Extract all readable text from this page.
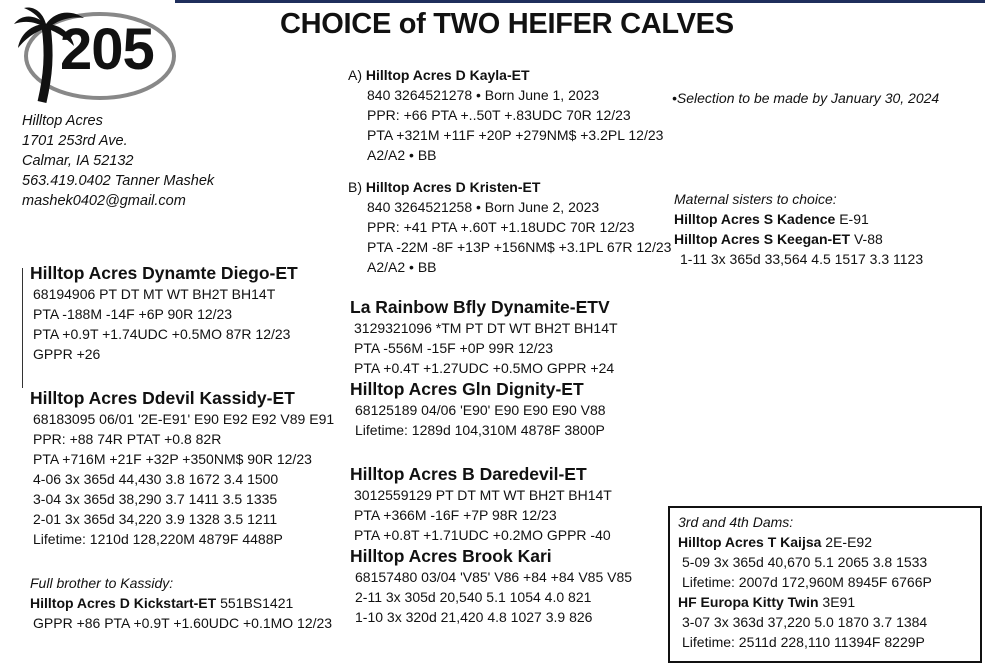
205	CHOICE of TWO HEIFER CALVES
Hilltop Acres
1701 253rd Ave.
Calmar, IA 52132
563.419.0402 Tanner Mashek
mashek0402@gmail.com
A) Hilltop Acres D Kayla-ET
840 3264521278 • Born June 1, 2023
PPR: +66 PTA +..50T +.83UDC 70R 12/23
PTA +321M +11F +20P +279NM$ +3.2PL 12/23
A2/A2 • BB
B) Hilltop Acres D Kristen-ET
840 3264521258 • Born June 2, 2023
PPR: +41 PTA +.60T +1.18UDC 70R 12/23
PTA -22M -8F +13P +156NM$ +3.1PL 67R 12/23
A2/A2 • BB
•Selection to be made by January 30, 2024
Maternal sisters to choice:
Hilltop Acres S Kadence E-91
Hilltop Acres S Keegan-ET V-88
1-11 3x 365d 33,564 4.5 1517 3.3 1123
Hilltop Acres Dynamte Diego-ET
68194906 PT DT MT WT BH2T BH14T
PTA -188M -14F +6P 90R 12/23
PTA +0.9T +1.74UDC +0.5MO 87R 12/23
GPPR +26
Hilltop Acres Ddevil Kassidy-ET
68183095 06/01 '2E-E91' E90 E92 E92 V89 E91
PPR: +88 74R PTAT +0.8 82R
PTA +716M +21F +32P +350NM$ 90R 12/23
4-06 3x 365d 44,430 3.8 1672 3.4 1500
3-04 3x 365d 38,290 3.7 1411 3.5 1335
2-01 3x 365d 34,220 3.9 1328 3.5 1211
Lifetime: 1210d 128,220M 4879F 4488P
Full brother to Kassidy:
Hilltop Acres D Kickstart-ET 551BS1421
GPPR +86 PTA +0.9T +1.60UDC +0.1MO 12/23
La Rainbow Bfly Dynamite-ETV
3129321096 *TM PT DT WT BH2T BH14T
PTA -556M -15F +0P 99R 12/23
PTA +0.4T +1.27UDC +0.5MO GPPR +24
Hilltop Acres Gln Dignity-ET
68125189 04/06 'E90' E90 E90 E90 V88
Lifetime: 1289d 104,310M 4878F 3800P
Hilltop Acres B Daredevil-ET
3012559129 PT DT MT WT BH2T BH14T
PTA +366M -16F +7P 98R 12/23
PTA +0.8T +1.71UDC +0.2MO GPPR -40
Hilltop Acres Brook Kari
68157480 03/04 'V85' V86 +84 +84 V85 V85
2-11 3x 305d 20,540 5.1 1054 4.0 821
1-10 3x 320d 21,420 4.8 1027 3.9 826
3rd and 4th Dams:
Hilltop Acres T Kaijsa 2E-E92
5-09 3x 365d 40,670 5.1 2065 3.8 1533
Lifetime: 2007d 172,960M 8945F 6766P
HF Europa Kitty Twin 3E91
3-07 3x 363d 37,220 5.0 1870 3.7 1384
Lifetime: 2511d 228,110 11394F 8229P
